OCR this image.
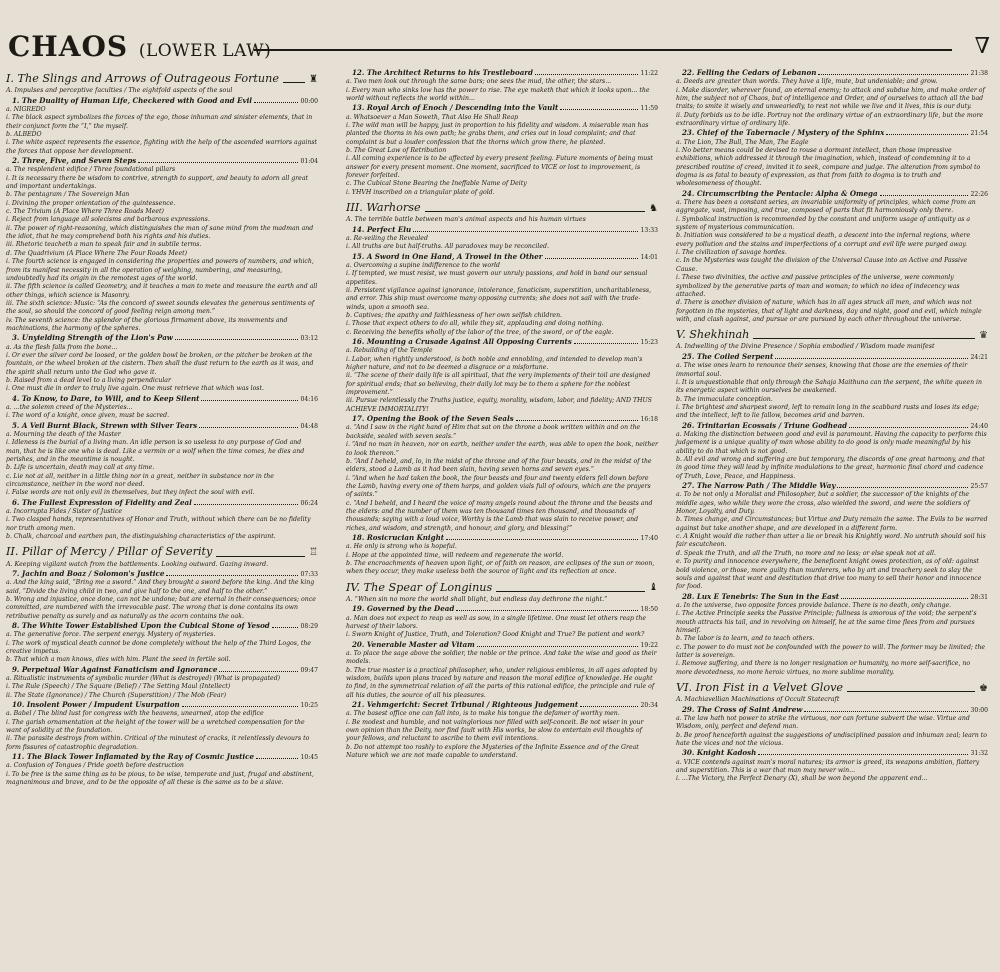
CHAOS (LOWER LAW)	∇
I. The Slings and Arrows of Outrageous Fortune	♜

A. Impulses and perceptive faculties / The eightfold aspects of the soul

1. The Duality of Human Life, Checkered with Good and Evil	00:00

a. NIGREDO

i. The black aspect symbolizes the forces of the ego, those inhuman and sinister elements, that in their conjunct form the “I,” the myself.

b. ALBEDO

i. The white aspect represents the essence, fighting with the help of the ascended warriors against the forces that oppose her development.

2. Three, Five, and Seven Steps	01:04

a. The resplendent edifice / Three foundational pillars

i. It is necessary there be wisdom to contrive, strength to support, and beauty to adorn all great and important undertakings.

b. The pentagram / The Sovereign Man

i. Divining the proper orientation of the quintessence.

c. The Trivium (A Place Where Three Roads Meet)

i. Reject from language all solecisms and barbarous expressions.

ii. The power of right-reasoning, which distinguishes the man of sane mind from the madman and the idiot, that he may comprehend both his rights and his duties.

iii. Rhetoric teacheth a man to speak fair and in subtile terms.

d. The Quadrivium (A Place Where The Four Roads Meet)

i. The fourth science is engaged in considering the properties and powers of numbers, and which, from its manifest necessity in all the operation of weighing, numbering, and measuring, undoubtedly had its origin in the remotest ages of the world.

ii. The fifth science is called Geometry, and it teaches a man to mete and measure the earth and all other things, which science is Masonry.

iii. The sixth science: Music: “As the concord of sweet sounds elevates the generous sentiments of the soul, so should the concord of good feeling reign among men.”

iv. The seventh science: the splendor of the glorious firmament above, its movements and machinations, the harmony of the spheres.

3. Unyielding Strength of the Lion's Paw	03:12

a. As the flesh falls from the bone...

i. Or ever the silver cord be loosed, or the golden bowl be broken, or the pitcher be broken at the fountain, or the wheel broken at the cistern. Then shall the dust return to the earth as it was, and the spirit shall return unto the God who gave it.

b. Raised from a dead level to a living perpendicular

i. One must die in order to truly live again. One must retrieve that which was lost.

4. To Know, to Dare, to Will, and to Keep Silent	04:16

a. ...the solemn creed of the Mysteries...

i. The word of a knight, once given, must be sacred.

5. A Veil Burnt Black, Strewn with Silver Tears	04:48

a. Mourning the death of the Master

i. Idleness is the burial of a living man. An idle person is so useless to any purpose of God and man, that he is like one who is dead. Like a vermin or a wolf when the time comes, he dies and perishes, and in the meantime is nought.

b. Life is uncertain, death may call at any time.

c. Lie not at all, neither in a little thing nor in a great, neither in substance nor in the circumstance, neither in the word nor deed.

i. False words are not only evil in themselves, but they infect the soul with evil.

6. The Fullest Expression of Fidelity and Zeal	06:24

a. Incorrupta Fides / Sister of Justice

i. Two clasped hands, representatives of Honor and Truth, without which there can be no fidelity nor truth among men.

b. Chalk, charcoal and earthen pan, the distinguishing characteristics of the aspirant.

II. Pillar of Mercy / Pillar of Severity	♖

A. Keeping vigilant watch from the battlements. Looking outward. Gazing inward.

7. Jachin and Boaz / Solomon's Justice	07:33

a. And the king said, “Bring me a sword.” And they brought a sword before the king. And the king said, “Divide the living child in two, and give half to the one, and half to the other.”

b. Wrong and injustice, once done, can not be undone; but are eternal in their consequences; once committed, are numbered with the irrevocable past. The wrong that is done contains its own retributive penalty as surely and as naturally as the acorn contains the oak.

8. The White Tower Established Upon the Cubical Stone of Yesod	08:29

a. The generative force. The serpent energy. Mystery of mysteries.

i. The work of mystical death cannot be done completely without the help of the Third Logos, the creative impetus.

b. That which a man knows, dies with him. Plant the seed in fertile soil.

9. Perpetual War Against Fanaticism and Ignorance	09:47

a. Ritualistic instruments of symbolic murder (What is destroyed) (What is propagated)

i. The Rule (Speech) / The Square (Belief) / The Setting Maul (Intellect)

ii. The State (Ignorance) / The Church (Superstition) / The Mob (Fear)

10. Insolent Power / Impudent Usurpation	10:25

a. Babel / The blind lust for congress with the heavens, unearned, atop the edifice

i. The garish ornamentation at the height of the tower will be a wretched compensation for the want of solidity at the foundation.

ii. The parasite destroys from within. Critical of the minutest of cracks, it relentlessly devours to form fissures of catastrophic degradation.

11. The Black Tower Inflamated by the Ray of Cosmic Justice	10:45

a. Confusion of Tongues / Pride goeth before destruction

i. To be free is the same thing as to be pious, to be wise, temperate and just, frugal and abstinent, magnanimous and brave, and to be the opposite of all these is the same as to be a slave.

12. The Architect Returns to his Trestleboard	11:22

a. Two men look out through the same bars; one sees the mud, the other, the stars...

i. Every man who sinks low has the power to rise. The eye maketh that which it looks upon... the world without reflects the world within...

13. Royal Arch of Enoch / Descending into the Vault	11:59

a. Whatsoever a Man Soweth, That Also He Shall Reap

i. The wild man will be happy, just in proportion to his fidelity and wisdom. A miserable man has planted the thorns in his own path; he grabs them, and cries out in loud complaint; and that complaint is but a louder confession that the thorns which grow there, he planted.

b. The Great Law of Retribution

i. All coming experience is to be affected by every present feeling. Future moments of being must answer for every present moment. One moment, sacrificed to VICE or lost to improvement, is forever forfeited.

c. The Cubical Stone Bearing the Ineffable Name of Deity

i. YHVH inscribed on a triangular plate of gold.

III. Warhorse	♞

A. The terrible battle between man's animal aspects and his human virtues

14. Perfect Elu	13:33

a. Re-veiling the Revealed

i. All truths are but half-truths. All paradoxes may be reconciled.

15. A Sword in One Hand, A Trowel in the Other	14:01

a. Overcoming a supine indifference to the world

i. If tempted, we must resist, we must govern our unruly passions, and hold in band our sensual appetites.

ii. Persistent vigilance against ignorance, intolerance, fanaticism, superstition, uncharitableness, and error. This ship must overcome many opposing currents; she does not sail with the trade-winds, upon a smooth sea.

b. Captives; the apathy and faithlessness of her own selfish children.

i. Those that expect others to do all, while they sit, applauding and doing nothing.

c. Receiving the benefits wholly of the labor of the tree, of the sword, or of the eagle.

16. Mounting a Crusade Against All Opposing Currents	15:23

a. Rebuilding of the Temple

i. Labor, when rightly understood, is both noble and ennobling, and intended to develop man's higher nature, and not to be deemed a disgrace or a misfortune.

ii. “The scene of their daily life is all spiritual, that the very implements of their toil are designed for spiritual ends; that so believing, their daily lot may be to them a sphere for the noblest improvement.”

iii. Pursue relentlessly the Truths justice, equity, morality, wisdom, labor, and fidelity; AND THUS ACHIEVE IMMORTALITY!

17. Opening the Book of the Seven Seals	16:18

a. “And I saw in the right hand of Him that sat on the throne a book written within and on the backside, sealed with seven seals.”

i. “And no man in heaven, nor on earth, neither under the earth, was able to open the book, neither to look thereon.”

b. “And I beheld, and, lo, in the midst of the throne and of the four beasts, and in the midst of the elders, stood a Lamb as it had been slain, having seven horns and seven eyes.”

i. “And when he had taken the book, the four beasts and four and twenty elders fell down before the Lamb, having every one of them harps, and golden vials full of odours, which are the prayers of saints.”

c. “And I beheld, and I heard the voice of many angels round about the throne and the beasts and the elders: and the number of them was ten thousand times ten thousand, and thousands of thousands; saying with a loud voice, Worthy is the Lamb that was slain to receive power, and riches, and wisdom, and strength, and honour, and glory, and blessing!”

18. Rosicrucian Knight	17:40

a. He only is strong who is hopeful.

i. Hope at the appointed time, will redeem and regenerate the world.

b. The encroachments of heaven upon light, or of faith on reason, are eclipses of the sun or moon, when they occur, they make useless both the source of light and its reflection at once.

IV. The Spear of Longinus	♝

A. “When sin no more the world shall blight, but endless day dethrone the night.”

19. Governed by the Dead	18:50

a. Man does not expect to reap as well as sow, in a single lifetime. One must let others reap the harvest of their labors.

i. Sworn Knight of Justice, Truth, and Toleration? Good Knight and True? Be patient and work?

20. Venerable Master ad Vitam	19:22

a. To place the sage above the soldier, the noble or the prince. And take the wise and good as their models.

b. The true master is a practical philosopher, who, under religious emblems, in all ages adopted by wisdom, builds upon plans traced by nature and reason the moral edifice of knowledge. He ought to find, in the symmetrical relation of all the parts of this rational edifice, the principle and rule of all his duties, the source of all his pleasures.

21. Vehmgericht: Secret Tribunal / Righteous Judgement	20:34

a. The basest office one can fall into, is to make his tongue the defamer of worthy men.

i. Be modest and humble, and not vainglorious nor filled with self-conceit. Be not wiser in your own opinion than the Deity, nor find fault with His works, be slow to entertain evil thoughts of your fellows, and reluctant to ascribe to them evil intentions.

b. Do not attempt too rashly to explore the Mysteries of the Infinite Essence and of the Great Nature which we are not made capable to understand.

22. Felling the Cedars of Lebanon	21:38

a. Deeds are greater than words. They have a life, mute, but undeniable; and grow.

i. Make disorder, wherever found, an eternal enemy; to attack and subdue him, and make order of him, the subject not of Chaos, but of intelligence and Order, and of ourselves to attach all the bad traits; to smite it wisely and unweariedly, to rest not while we live and it lives, this is our duty.

ii. Duty forbids us to be idle. Portray not the ordinary virtue of an extraordinary life, but the more extraordinary virtue of ordinary life.

23. Chief of the Tabernacle / Mystery of the Sphinx	21:54

a. The Lion, The Bull, The Man, The Eagle

i. No better means could be devised to rouse a dormant intellect, than those impressive exhibitions, which addressed it through the imagination, which, instead of condemning it to a prescribed routine of creed, invited it to seek, compare and judge. The alteration from symbol to dogma is as fatal to beauty of expression, as that from faith to dogma is to truth and wholesomeness of thought.

24. Circumscribing the Pentacle: Alpha & Omega	22:26

a. There has been a constant series, an invariable uniformity of principles, which come from an aggregate, vast, imposing, and true, composed of parts that fit harmoniously only there.

i. Symbolical instruction is recommended by the constant and uniform usage of antiquity as a system of mysterious communication.

b. Initiation was considered to be a mystical death, a descent into the infernal regions, where every pollution and the stains and imperfections of a corrupt and evil life were purged away.

i. The civilization of savage hordes.

c. In the Mysteries was taught the division of the Universal Cause into an Active and Passive Cause.

i. These two divinities, the active and passive principles of the universe, were commonly symbolized by the generative parts of man and woman; to which no idea of indecency was attached.

d. There is another division of nature, which has in all ages struck all men, and which was not forgotten in the mysteries, that of light and darkness, day and night, good and evil, which mingle with, and clash against, and pursue or are pursued by each other throughout the universe.

V. Shekhinah	♛

A. Indwelling of the Divine Presence / Sophia embodied / Wisdom made manifest

25. The Coiled Serpent	24:21

a. The wise ones learn to renounce their senses, knowing that those are the enemies of their immortal soul.

i. It is unquestionable that only through the Sahaja Maithuna can the serpent, the white queen in its energetic aspect within ourselves be awakened.

b. The immaculate conception.

i. The brightest and sharpest sword, left to remain long in the scabbard rusts and loses its edge; and the intellect, left to lie fallow, becomes arid and barren.

26. Trinitarian Ecossais / Triune Godhead	24:40

a. Making the distinction between good and evil is paramount. Having the capacity to perform this judgement is a unique quality of man whose ability to do good is only made meaningful by his ability to do that which is not good.

b. All evil and wrong and suffering are but temporary, the discords of one great harmony, and that in good time they will lead by infinite modulations to the great, harmonic final chord and cadence of Truth, Love, Peace, and Happiness.

27. The Narrow Path / The Middle Way	25:57

a. To be not only a Moralist and Philosopher, but a soldier, the successor of the knights of the middle ages, who while they wore the cross, also wielded the sword, and were the soldiers of Honor, Loyalty, and Duty.

b. Times change, and Circumstances; but Virtue and Duty remain the same. The Evils to be warred against but take another shape, and are developed in a different form.

c. A Knight would die rather than utter a lie or break his Knightly word. No untruth should soil his fair escutcheon.

d. Speak the Truth, and all the Truth, no more and no less; or else speak not at all.

e. To purity and innocence everywhere, the beneficent knight owes protection, as of old: against bold violence, or those, more guilty than murderers, who by art and treachery seek to slay the souls and against that want and destitution that drive too many to sell their honor and innocence for food.

28. Lux E Tenebris: The Sun in the East	28:31

a. In the universe, two opposite forces provide balance. There is no death, only change.

i. The Active Principle seeks the Passive Principle; fullness is amorous of the void; the serpent's mouth attracts his tail, and in revolving on himself, he at the same time flees from and pursues himself.

b. The labor is to learn, and to teach others.

c. The power to do must not be confounded with the power to will. The former may be limited; the latter is sovereign.

i. Remove suffering, and there is no longer resignation or humanity, no more self-sacrifice, no more devotedness, no more heroic virtues, no more sublime morality.

VI. Iron Fist in a Velvet Glove	♚

A. Machiavellian Machinations of Occult Statecraft

29. The Cross of Saint Andrew	30:00

a. The law hath not power to strike the virtuous, nor can fortune subvert the wise. Virtue and Wisdom, only, perfect and defend man.

b. Be proof henceforth against the suggestions of undisciplined passion and inhuman zeal; learn to hate the vices and not the vicious.

30. Knight Kadosh	31:32

a. VICE contends against man's moral natures; its armor is greed, its weapons ambition, flattery and superstition. This is a war that man may never win...

i. ...The Victory, the Perfect Denary (X), shall be won beyond the apparent end...
